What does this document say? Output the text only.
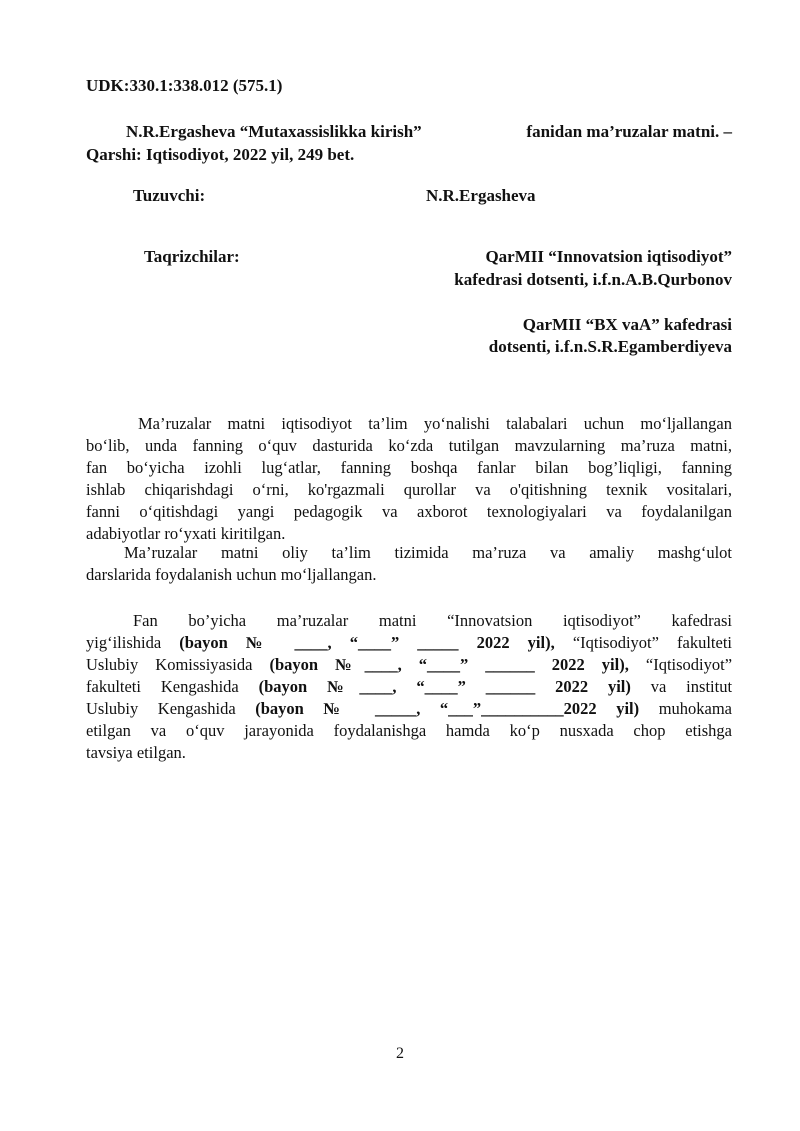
UDK:330.1:338.012 (575.1)
N.R.Ergasheva “Mutaxassislikka kirish”	fanidan ma’ruzalar matni. –
Qarshi: Iqtisodiyot, 2022 yil, 249 bet.
Tuzuvchi:	N.R.Ergasheva
Taqrizchilar:	QarMII “Innovatsion iqtisodiyot”
kafedrasi dotsenti, i.f.n.A.B.Qurbonov
QarMII “BX vaA” kafedrasi
dotsenti, i.f.n.S.R.Egamberdiyeva
Ma’ruzalar matni iqtisodiyot ta’lim yo‘nalishi talabalari uchun mo‘ljallangan
bo‘lib, unda fanning o‘quv dasturida ko‘zda tutilgan mavzularning ma’ruza matni,
fan bo‘yicha izohli lug‘atlar, fanning boshqa fanlar bilan bog’liqligi, fanning
ishlab chiqarishdagi o‘rni, ko'rgazmali qurollar va o'qitishning texnik vositalari,
fanni o‘qitishdagi yangi pedagogik va axborot texnologiyalari va foydalanilgan
adabiyotlar ro‘yxati kiritilgan.
Ma’ruzalar matni oliy ta’lim tizimida ma’ruza va amaliy mashg‘ulot
darslarida foydalanish uchun mo‘ljallangan.
Fan bo’yicha ma’ruzalar matni “Innovatsion iqtisodiyot” kafedrasi
yig‘ilishida (bayon № ____, “____” _____ 2022 yil), “Iqtisodiyot” fakulteti
Uslubiy Komissiyasida (bayon №____, “____” ______ 2022 yil), “Iqtisodiyot”
fakulteti Kengashida (bayon №____, “____” ______ 2022 yil) va institut
Uslubiy Kengashida (bayon № _____, “___”__________2022 yil) muhokama
etilgan va o‘quv jarayonida foydalanishga hamda ko‘p nusxada chop etishga
tavsiya etilgan.
2
